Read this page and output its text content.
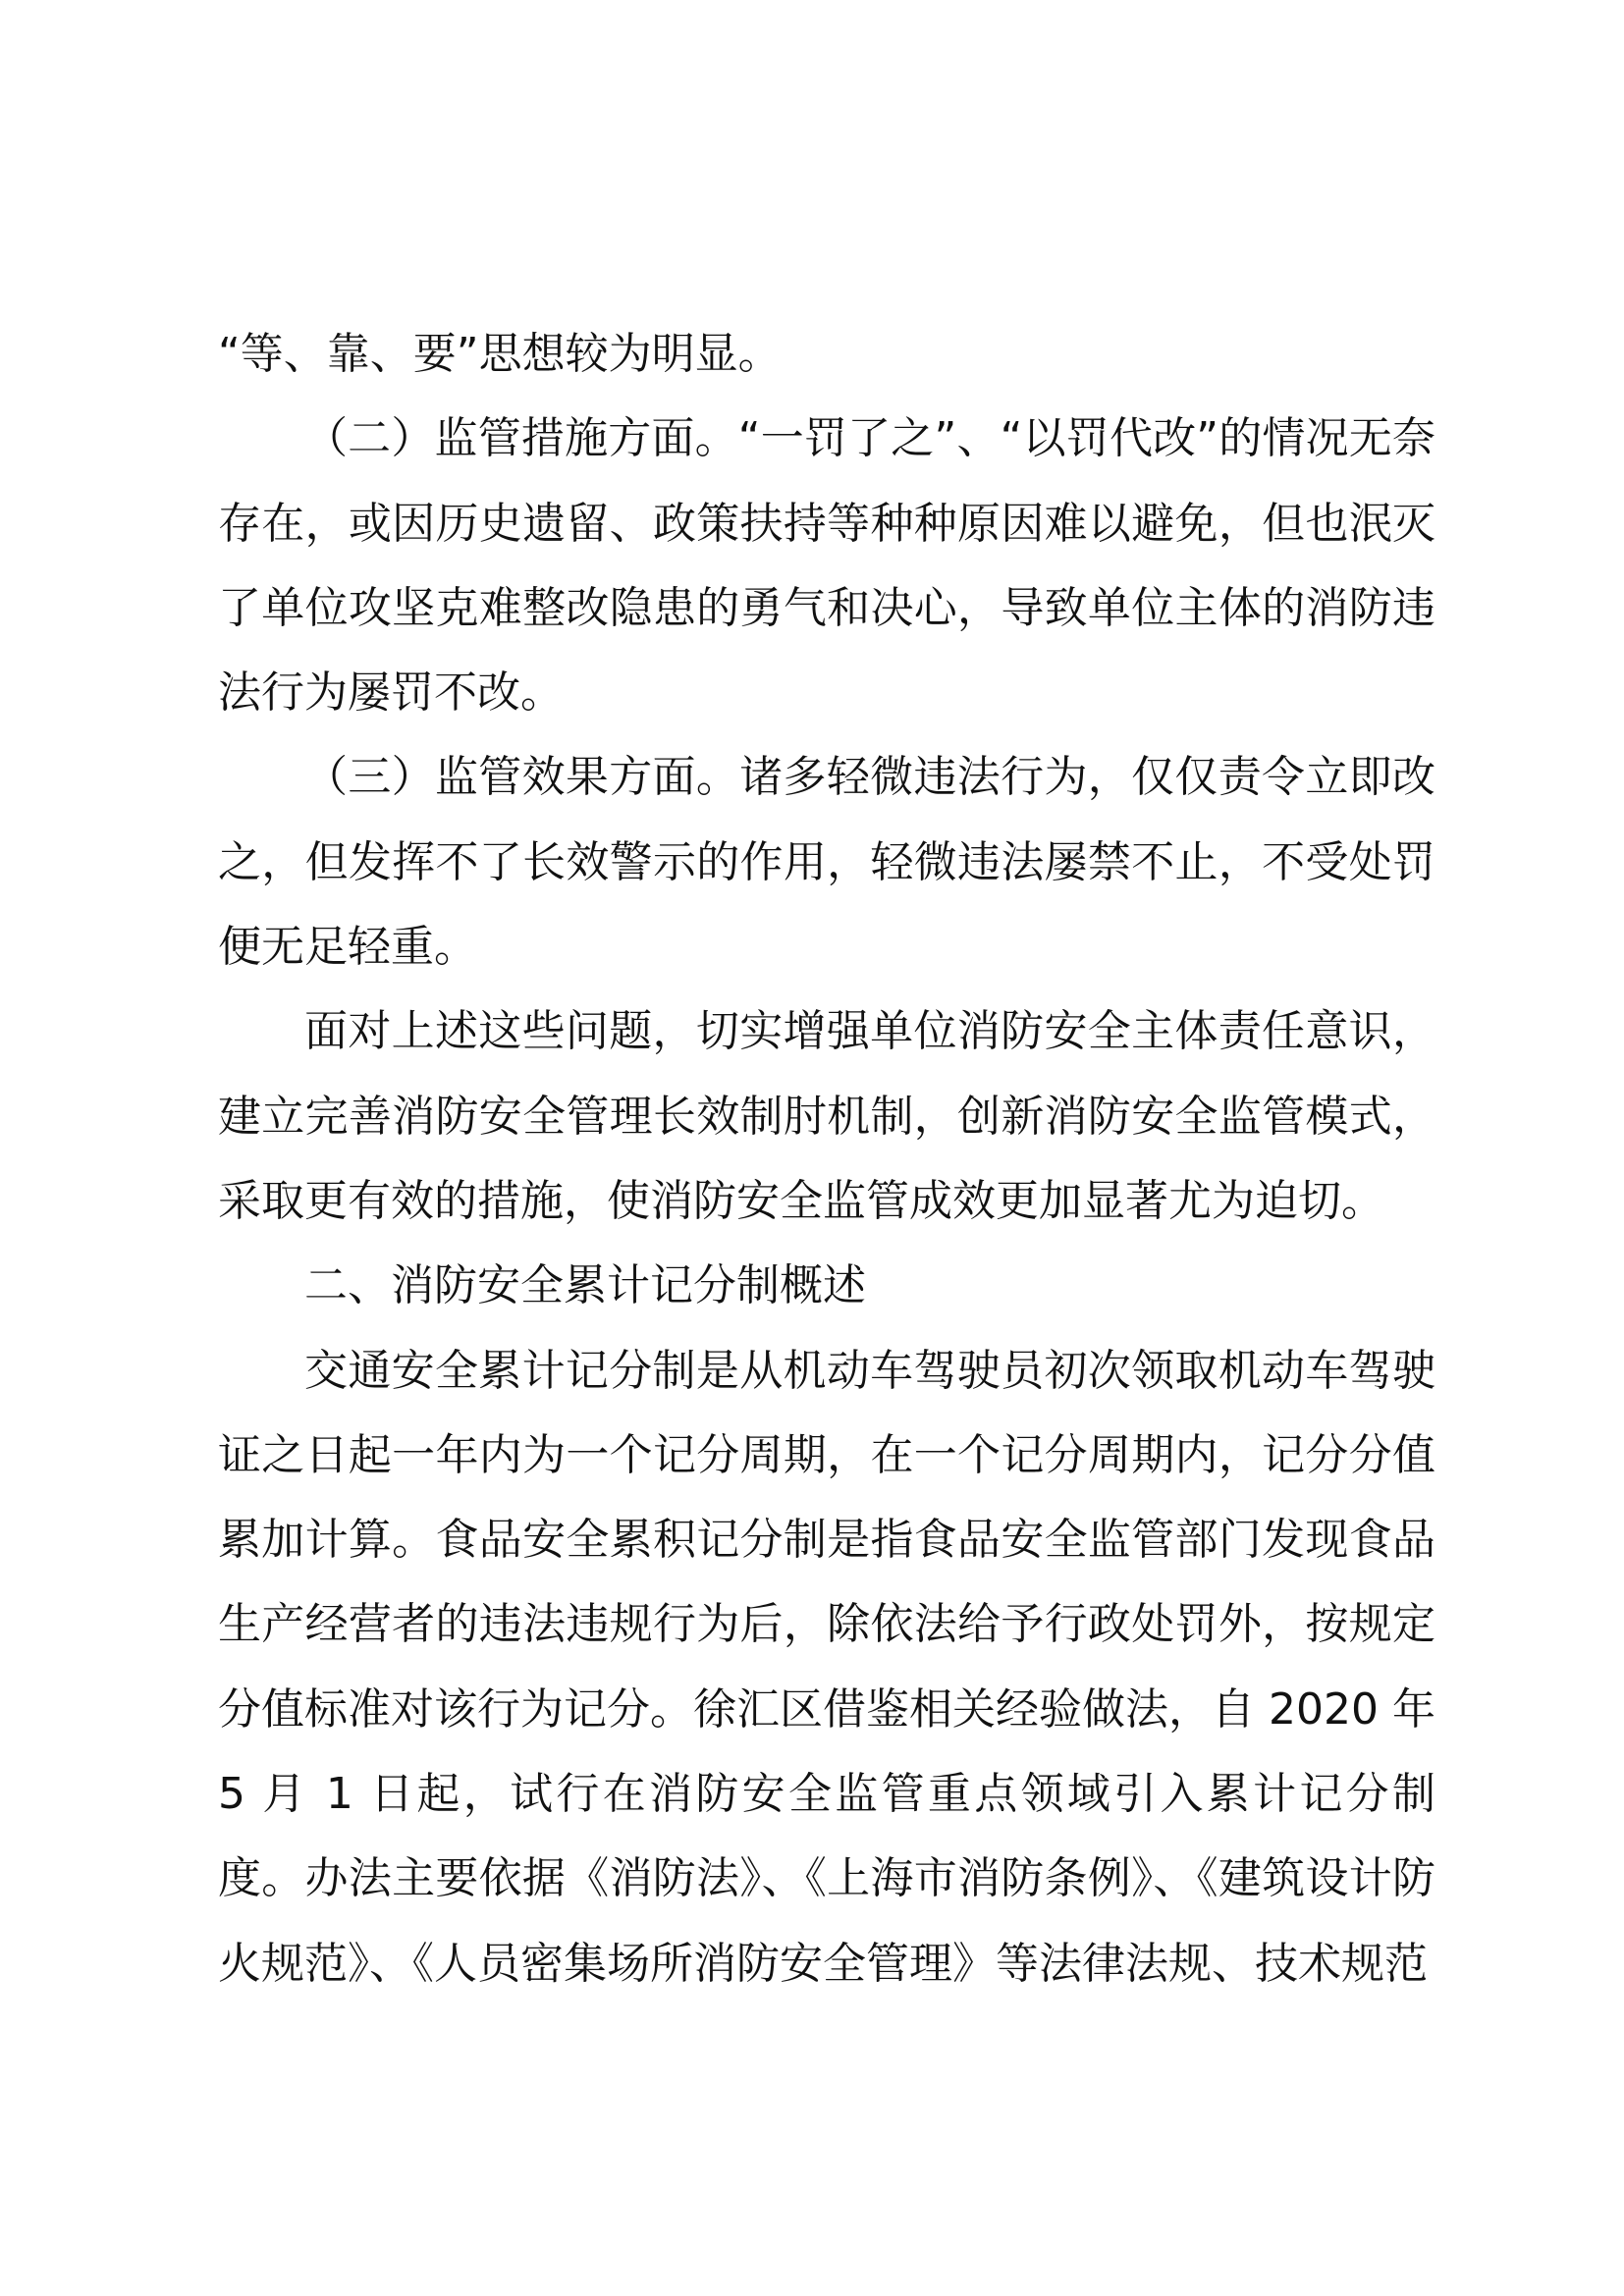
“等、靠、要”思想较为明显。

（二）监管措施方面。“一罚了之”、“以罚代改”的情况无奈存在，或因历史遗留、政策扶持等种种原因难以避免，但也泯灭了单位攻坚克难整改隐患的勇气和决心，导致单位主体的消防违法行为屡罚不改。

（三）监管效果方面。诸多轻微违法行为，仅仅责令立即改之，但发挥不了长效警示的作用，轻微违法屡禁不止，不受处罚便无足轻重。

面对上述这些问题，切实增强单位消防安全主体责任意识，建立完善消防安全管理长效制肘机制，创新消防安全监管模式，采取更有效的措施，使消防安全监管成效更加显著尤为迫切。

二、消防安全累计记分制概述

交通安全累计记分制是从机动车驾驶员初次领取机动车驾驶证之日起一年内为一个记分周期，在一个记分周期内，记分分值累加计算。食品安全累积记分制是指食品安全监管部门发现食品生产经营者的违法违规行为后，除依法给予行政处罚外，按规定分值标准对该行为记分。徐汇区借鉴相关经验做法，自 2020 年 5 月 1 日起，试行在消防安全监管重点领域引入累计记分制度。办法主要依据《消防法》、《上海市消防条例》、《建筑设计防火规范》、《人员密集场所消防安全管理》等法律法规、技术规范
